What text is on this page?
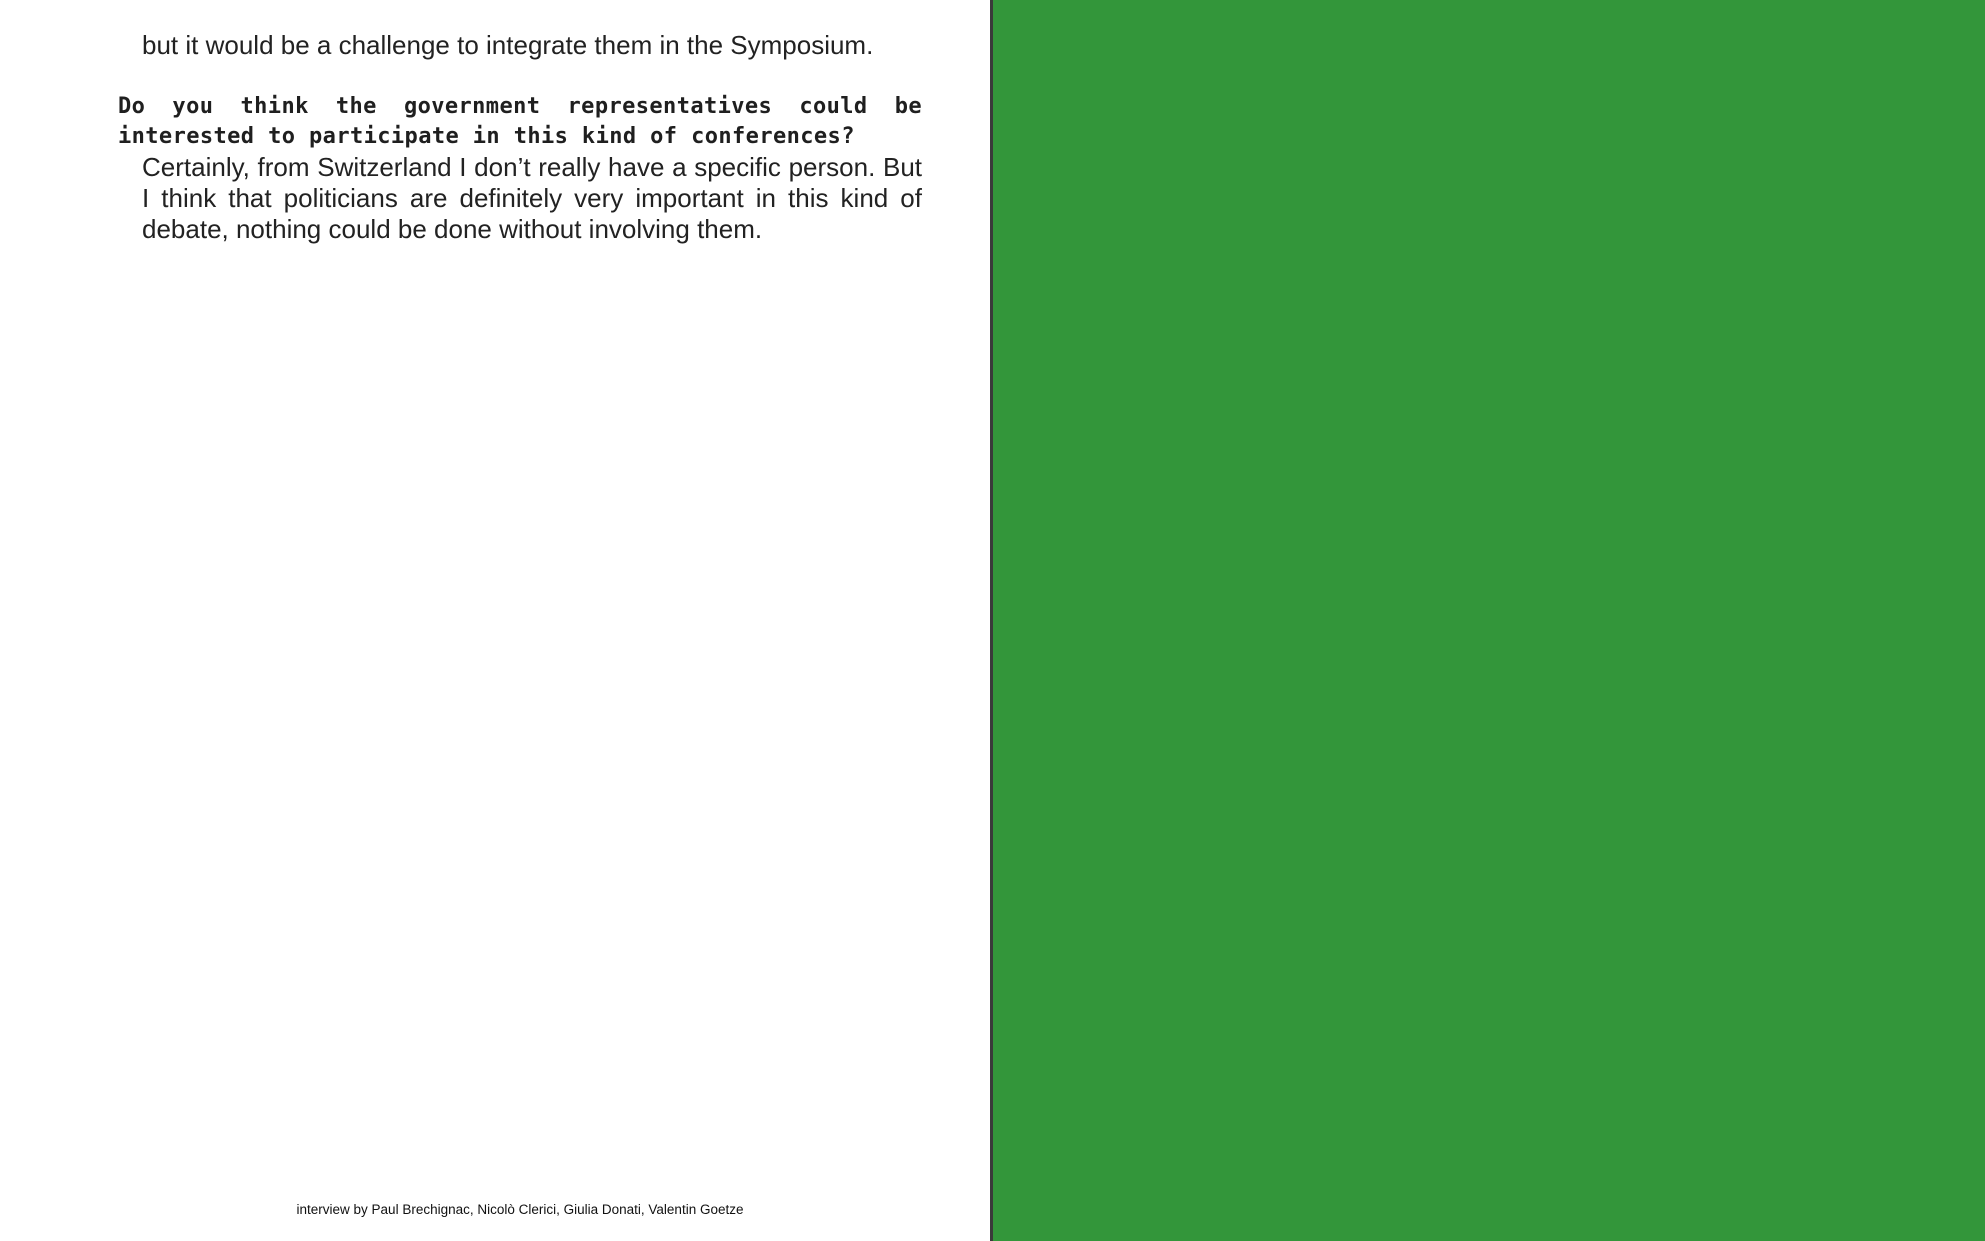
but it would be a challenge to integrate them in the Symposium.

Do you think the government representatives could be interested to participate in this kind of conferences?

Certainly, from Switzerland I don’t really have a specific person. But I think that politicians are definitely very important in this kind of debate, nothing could be done without involving them.

interview by Paul Brechignac, Nicolò Clerici, Giulia Donati, Valentin Goetze
